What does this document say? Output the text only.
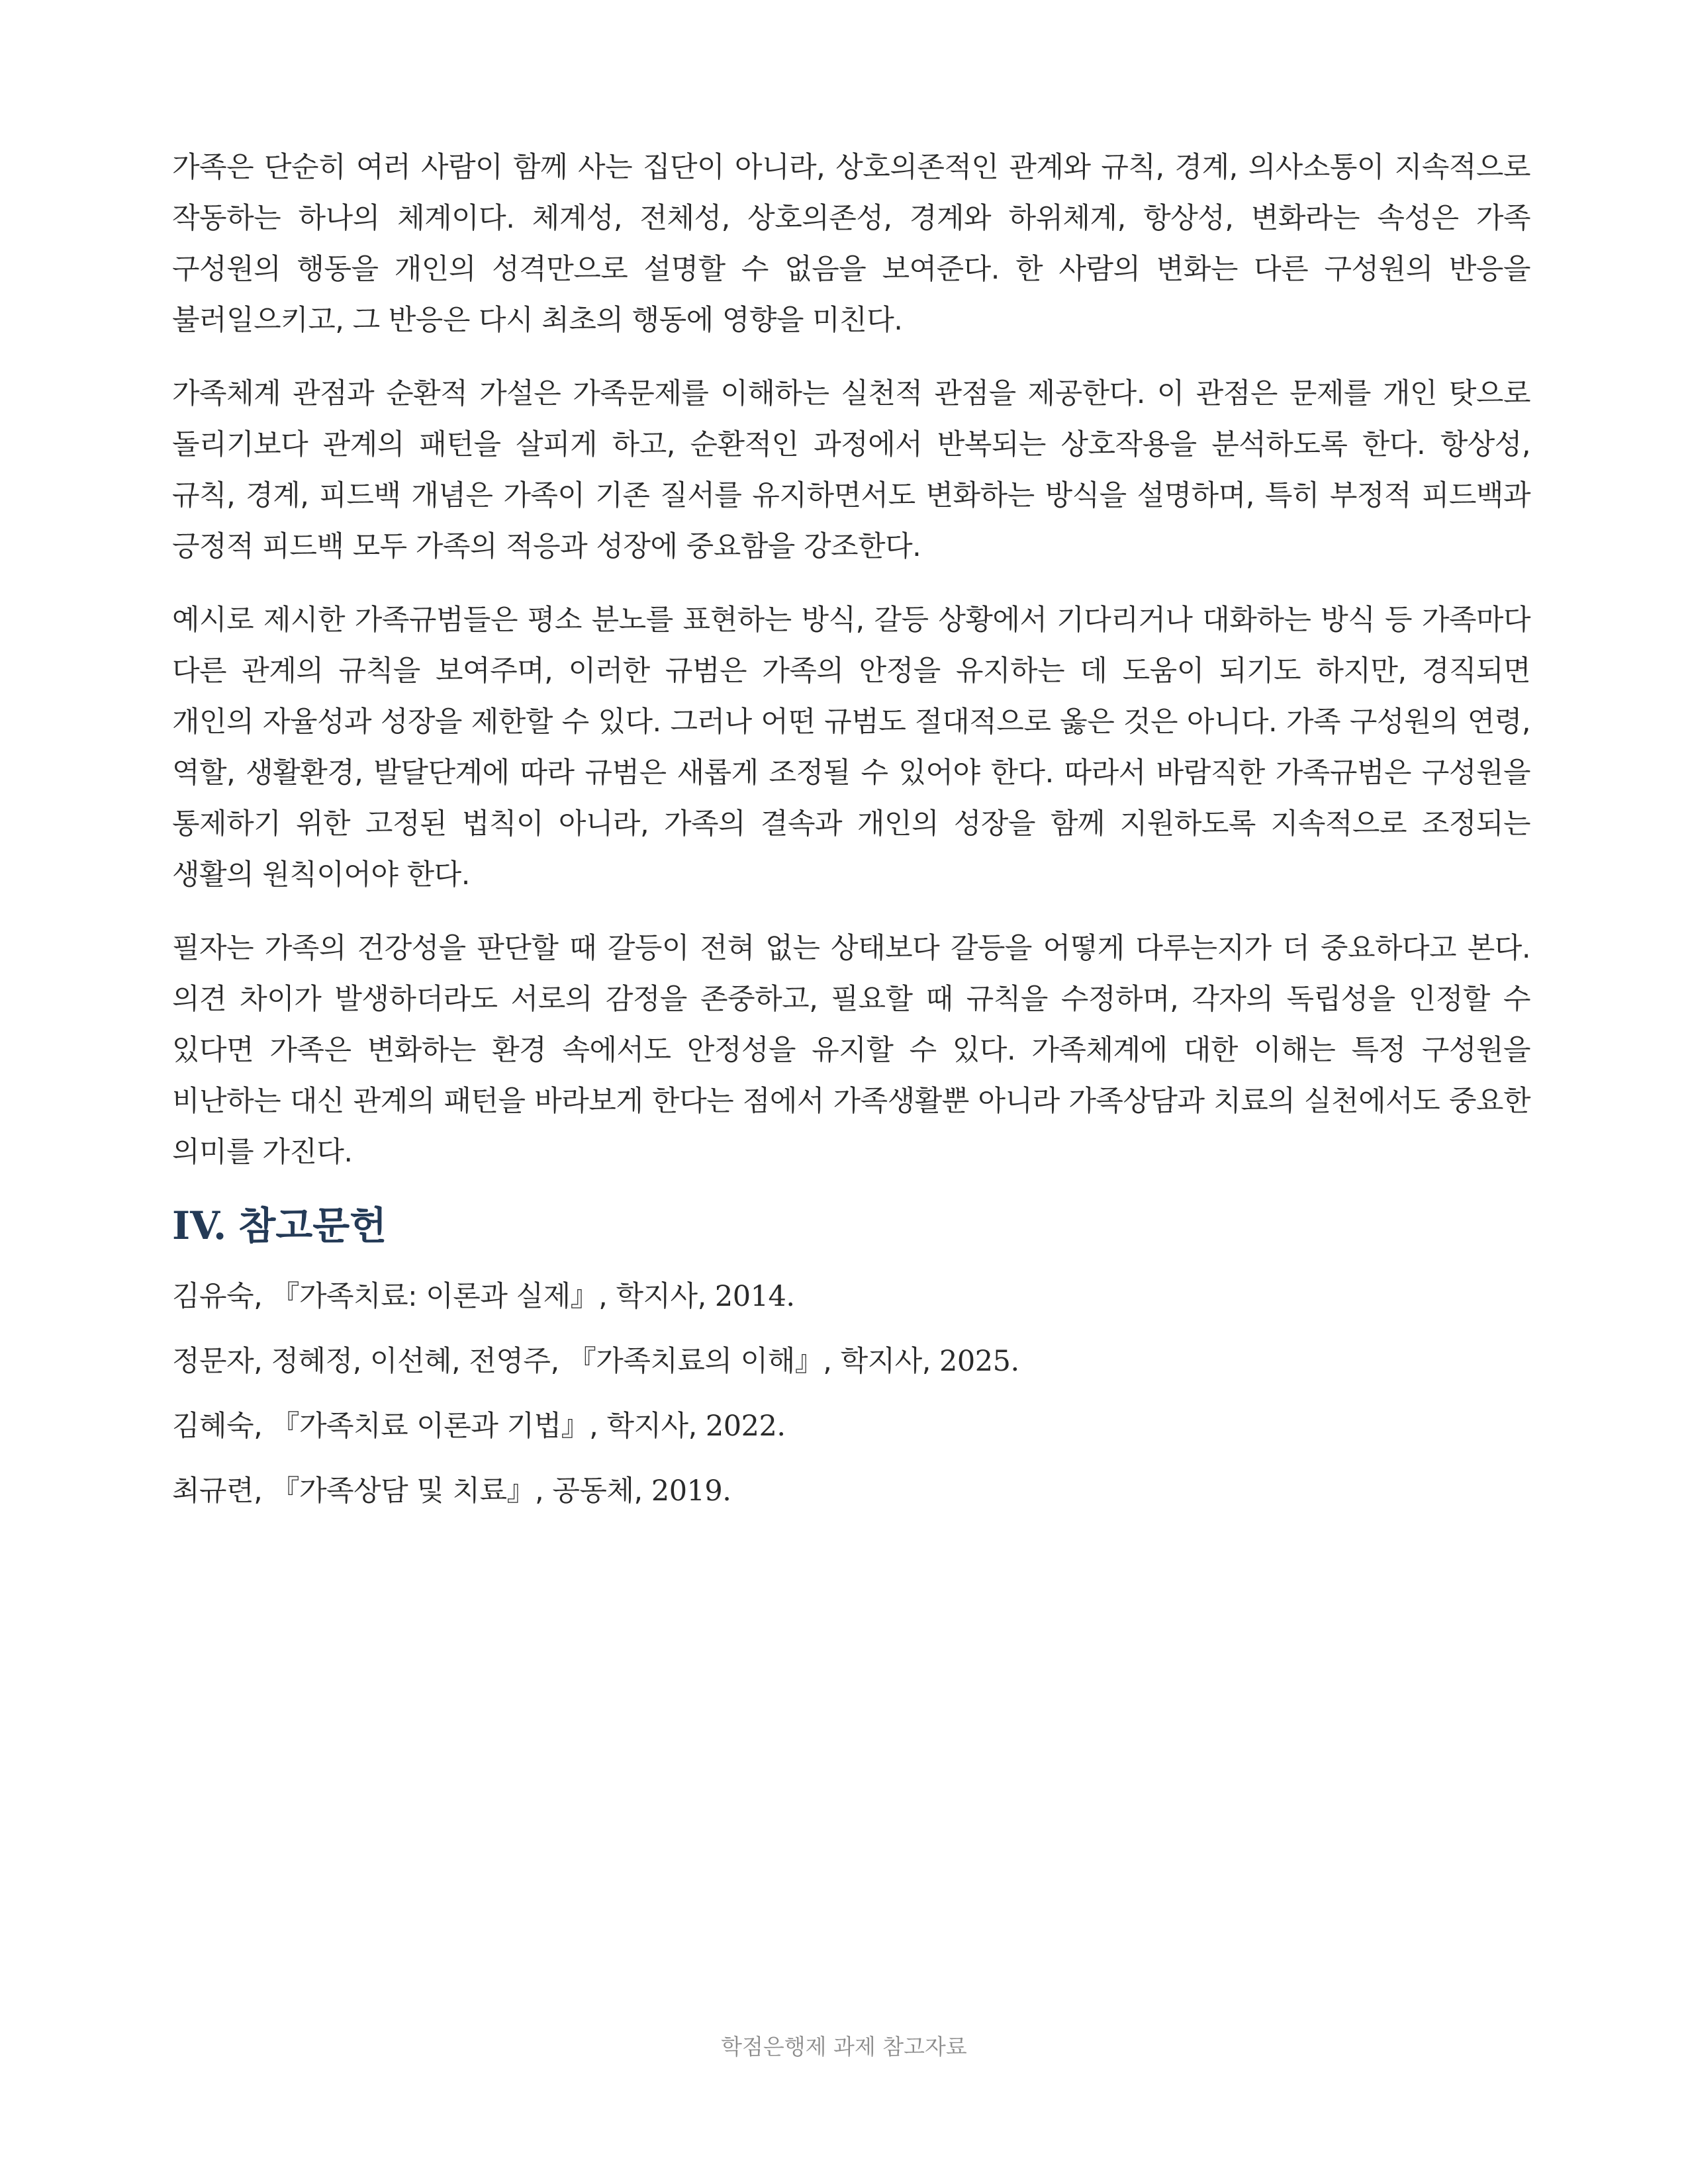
가족은 단순히 여러 사람이 함께 사는 집단이 아니라, 상호의존적인 관계와 규칙, 경계, 의사소통이 지속적으로 작동하는 하나의 체계이다. 체계성, 전체성, 상호의존성, 경계와 하위체계, 항상성, 변화라는 속성은 가족 구성원의 행동을 개인의 성격만으로 설명할 수 없음을 보여준다. 한 사람의 변화는 다른 구성원의 반응을 불러일으키고, 그 반응은 다시 최초의 행동에 영향을 미친다.

가족체계 관점과 순환적 가설은 가족문제를 이해하는 실천적 관점을 제공한다. 이 관점은 문제를 개인 탓으로 돌리기보다 관계의 패턴을 살피게 하고, 순환적인 과정에서 반복되는 상호작용을 분석하도록 한다. 항상성, 규칙, 경계, 피드백 개념은 가족이 기존 질서를 유지하면서도 변화하는 방식을 설명하며, 특히 부정적 피드백과 긍정적 피드백 모두 가족의 적응과 성장에 중요함을 강조한다.

예시로 제시한 가족규범들은 평소 분노를 표현하는 방식, 갈등 상황에서 기다리거나 대화하는 방식 등 가족마다 다른 관계의 규칙을 보여주며, 이러한 규범은 가족의 안정을 유지하는 데 도움이 되기도 하지만, 경직되면 개인의 자율성과 성장을 제한할 수 있다. 그러나 어떤 규범도 절대적으로 옳은 것은 아니다. 가족 구성원의 연령, 역할, 생활환경, 발달단계에 따라 규범은 새롭게 조정될 수 있어야 한다. 따라서 바람직한 가족규범은 구성원을 통제하기 위한 고정된 법칙이 아니라, 가족의 결속과 개인의 성장을 함께 지원하도록 지속적으로 조정되는 생활의 원칙이어야 한다.

필자는 가족의 건강성을 판단할 때 갈등이 전혀 없는 상태보다 갈등을 어떻게 다루는지가 더 중요하다고 본다. 의견 차이가 발생하더라도 서로의 감정을 존중하고, 필요할 때 규칙을 수정하며, 각자의 독립성을 인정할 수 있다면 가족은 변화하는 환경 속에서도 안정성을 유지할 수 있다. 가족체계에 대한 이해는 특정 구성원을 비난하는 대신 관계의 패턴을 바라보게 한다는 점에서 가족생활뿐 아니라 가족상담과 치료의 실천에서도 중요한 의미를 가진다.

IV. 참고문헌

김유숙, 『가족치료: 이론과 실제』, 학지사, 2014.

정문자, 정혜정, 이선혜, 전영주, 『가족치료의 이해』, 학지사, 2025.

김혜숙, 『가족치료 이론과 기법』, 학지사, 2022.

최규련, 『가족상담 및 치료』, 공동체, 2019.

학점은행제 과제 참고자료
